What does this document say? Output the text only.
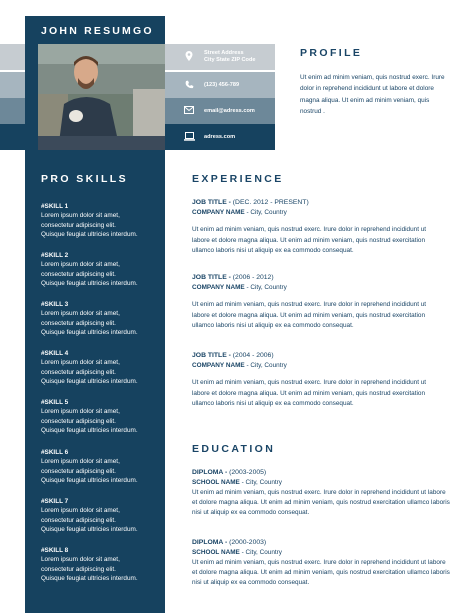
JOHN RESUMGO
Street Address
City State ZIP Code
(123) 456-789
email@adress.com
adress.com
PROFILE
Ut enim ad minim veniam, quis nostrud exerc. Irure dolor in reprehend incididunt ut labore et dolore magna aliqua. Ut enim ad minim veniam, quis nostrud .
PRO SKILLS
#SKILL 1
Lorem ipsum dolor sit amet,
consectetur adipiscing elit.
Quisque feugiat ultricies interdum.
#SKILL 2
Lorem ipsum dolor sit amet,
consectetur adipiscing elit.
Quisque feugiat ultricies interdum.
#SKILL 3
Lorem ipsum dolor sit amet,
consectetur adipiscing elit.
Quisque feugiat ultricies interdum.
#SKILL 4
Lorem ipsum dolor sit amet,
consectetur adipiscing elit.
Quisque feugiat ultricies interdum.
#SKILL 5
Lorem ipsum dolor sit amet,
consectetur adipiscing elit.
Quisque feugiat ultricies interdum.
#SKILL 6
Lorem ipsum dolor sit amet,
consectetur adipiscing elit.
Quisque feugiat ultricies interdum.
#SKILL 7
Lorem ipsum dolor sit amet,
consectetur adipiscing elit.
Quisque feugiat ultricies interdum.
#SKILL 8
Lorem ipsum dolor sit amet,
consectetur adipiscing elit.
Quisque feugiat ultricies interdum.
EXPERIENCE
JOB TITLE - (DEC. 2012 - PRESENT)
COMPANY NAME - City, Country
Ut enim ad minim veniam, quis nostrud exerc. Irure dolor in reprehend incididunt ut labore et dolore magna aliqua. Ut enim ad minim veniam, quis nostrud exercitation ullamco laboris nisi ut aliquip ex ea commodo consequat.
JOB TITLE - (2006 - 2012)
COMPANY NAME - City, Country
Ut enim ad minim veniam, quis nostrud exerc. Irure dolor in reprehend incididunt ut labore et dolore magna aliqua. Ut enim ad minim veniam, quis nostrud exercitation ullamco laboris nisi ut aliquip ex ea commodo consequat.
JOB TITLE - (2004 - 2006)
COMPANY NAME - City, Country
Ut enim ad minim veniam, quis nostrud exerc. Irure dolor in reprehend incididunt ut labore et dolore magna aliqua. Ut enim ad minim veniam, quis nostrud exercitation ullamco laboris nisi ut aliquip ex ea commodo consequat.
EDUCATION
DIPLOMA - (2003-2005)
SCHOOL NAME - City, Country
Ut enim ad minim veniam, quis nostrud exerc. Irure dolor in reprehend incididunt ut labore et dolore magna aliqua. Ut enim ad minim veniam, quis nostrud exercitation ullamco laboris nisi ut aliquip ex ea commodo consequat.
DIPLOMA - (2000-2003)
SCHOOL NAME - City, Country
Ut enim ad minim veniam, quis nostrud exerc. Irure dolor in reprehend incididunt ut labore et dolore magna aliqua. Ut enim ad minim veniam, quis nostrud exercitation ullamco laboris nisi ut aliquip ex ea commodo consequat.
